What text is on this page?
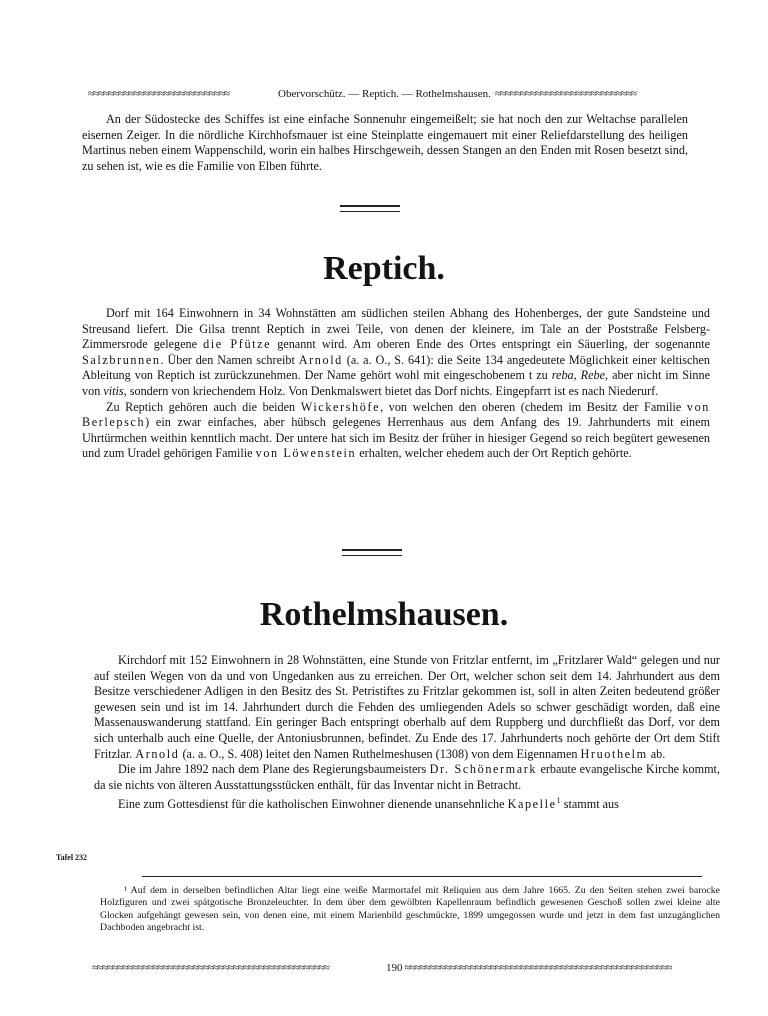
≈≈≈≈≈≈≈≈≈≈≈≈≈≈≈≈≈≈≈≈≈≈≈≈≈≈≈≈	Obervorschütz. — Reptich. — Rothelmshausen. ≈≈≈≈≈≈≈≈≈≈≈≈≈≈≈≈≈≈≈≈≈≈≈≈≈≈≈≈

An der Südostecke des Schiffes ist eine einfache Sonnenuhr eingemeißelt; sie hat noch den zur Weltachse parallelen eisernen Zeiger. In die nördliche Kirchhofsmauer ist eine Steinplatte eingemauert mit einer Reliefdarstellung des heiligen Martinus neben einem Wappenschild, worin ein halbes Hirschgeweih, dessen Stangen an den Enden mit Rosen besetzt sind, zu sehen ist, wie es die Familie von Elben führte.

Reptich.

Dorf mit 164 Einwohnern in 34 Wohnstätten am südlichen steilen Abhang des Hohenberges, der gute Sandsteine und Streusand liefert. Die Gilsa trennt Reptich in zwei Teile, von denen der kleinere, im Tale an der Poststraße Felsberg-Zimmersrode gelegene die Pfütze genannt wird. Am oberen Ende des Ortes entspringt ein Säuerling, der sogenannte Salzbrunnen. Über den Namen schreibt Arnold (a. a. O., S. 641): die Seite 134 angedeutete Möglichkeit einer keltischen Ableitung von Reptich ist zurückzunehmen. Der Name gehört wohl mit eingeschobenem t zu reba, Rebe, aber nicht im Sinne von vitis, sondern von kriechendem Holz. Von Denkmalswert bietet das Dorf nichts. Eingepfarrt ist es nach Niederurf.

Zu Reptich gehören auch die beiden Wickershöfe, von welchen den oberen (chedem im Besitz der Familie von Berlepsch) ein zwar einfaches, aber hübsch gelegenes Herrenhaus aus dem Anfang des 19. Jahrhunderts mit einem Uhrtürmchen weithin kenntlich macht. Der untere hat sich im Besitz der früher in hiesiger Gegend so reich begütert gewesenen und zum Uradel gehörigen Familie von Löwenstein erhalten, welcher ehedem auch der Ort Reptich gehörte.

Rothelmshausen.

Kirchdorf mit 152 Einwohnern in 28 Wohnstätten, eine Stunde von Fritzlar entfernt, im „Fritzlarer Wald“ gelegen und nur auf steilen Wegen von da und von Ungedanken aus zu erreichen. Der Ort, welcher schon seit dem 14. Jahrhundert aus dem Besitze verschiedener Adligen in den Besitz des St. Petristiftes zu Fritzlar gekommen ist, soll in alten Zeiten bedeutend größer gewesen sein und ist im 14. Jahrhundert durch die Fehden des umliegenden Adels so schwer geschädigt worden, daß eine Massenauswanderung stattfand. Ein geringer Bach entspringt oberhalb auf dem Ruppberg und durchfließt das Dorf, vor dem sich unterhalb auch eine Quelle, der Antoniusbrunnen, befindet. Zu Ende des 17. Jahrhunderts noch gehörte der Ort dem Stift Fritzlar. Arnold (a. a. O., S. 408) leitet den Namen Ruthelmeshusen (1308) von dem Eigennamen Hruothelm ab.

Die im Jahre 1892 nach dem Plane des Regierungsbaumeisters Dr. Schönermark erbaute evangelische Kirche kommt, da sie nichts von älteren Ausstattungsstücken enthält, für das Inventar nicht in Betracht.

Eine zum Gottesdienst für die katholischen Einwohner dienende unansehnliche Kapelle$^1$ stammt aus

Tafel 232

¹ Auf dem in derselben befindlichen Altar liegt eine weiße Marmortafel mit Reliquien aus dem Jahre 1665. Zu den Seiten stehen zwei barocke Holzfiguren und zwei spätgotische Bronzeleuchter. In dem über dem gewölbten Kapellenraum befindlich gewesenen Geschoß sollen zwei kleine alte Glocken aufgehängt gewesen sein, von denen eine, mit einem Marienbild geschmückte, 1899 umgegossen wurde und jetzt in dem fast unzugänglichen Dachboden angebracht ist.

≈≈≈≈≈≈≈≈≈≈≈≈≈≈≈≈≈≈≈≈≈≈≈≈≈≈≈≈≈≈≈≈≈≈≈≈≈≈≈≈≈≈≈≈≈≈≈	190 ≈≈≈≈≈≈≈≈≈≈≈≈≈≈≈≈≈≈≈≈≈≈≈≈≈≈≈≈≈≈≈≈≈≈≈≈≈≈≈≈≈≈≈≈≈≈≈≈≈≈≈≈≈
